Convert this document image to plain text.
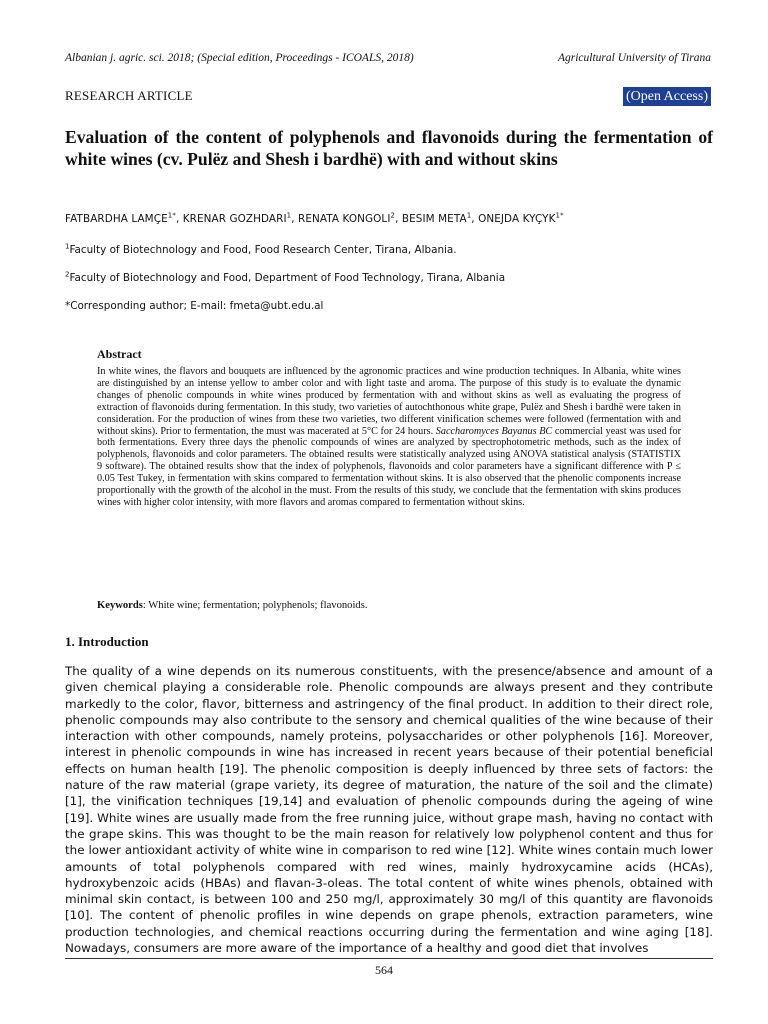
Albanian j. agric. sci. 2018; (Special edition, Proceedings - ICOALS, 2018)	Agricultural University of Tirana
RESEARCH ARTICLE	(Open Access)
Evaluation of the content of polyphenols and flavonoids during the fermentation of white wines (cv. Pulëz and Shesh i bardhë) with and without skins
FATBARDHA $LAMÇE^{1*}$, KRENAR GOZHDARI$^1$, RENATA KONGOLI$^2$, BESIM META$^1$, ONEJDA $KYÇYK^{1*}$
$^1$Faculty of Biotechnology and Food, Food Research Center, Tirana, Albania.
$^2$Faculty of Biotechnology and Food, Department of Food Technology, Tirana, Albania
*Corresponding author; E-mail: fmeta@ubt.edu.al
Abstract
In white wines, the flavors and bouquets are influenced by the agronomic practices and wine production techniques. In Albania, white wines are distinguished by an intense yellow to amber color and with light taste and aroma. The purpose of this study is to evaluate the dynamic changes of phenolic compounds in white wines produced by fermentation with and without skins as well as evaluating the progress of extraction of flavonoids during fermentation. In this study, two varieties of autochthonous white grape, Pulëz and Shesh i bardhë were taken in consideration. For the production of wines from these two varieties, two different vinification schemes were followed (fermentation with and without skins). Prior to fermentation, the must was macerated at 5°C for 24 hours. Saccharomyces Bayanus BC commercial yeast was used for both fermentations. Every three days the phenolic compounds of wines are analyzed by spectrophotometric methods, such as the index of polyphenols, flavonoids and color parameters. The obtained results were statistically analyzed using ANOVA statistical analysis (STATISTIX 9 software). The obtained results show that the index of polyphenols, flavonoids and color parameters have a significant difference with P ≤ 0.05 Test Tukey, in fermentation with skins compared to fermentation without skins. It is also observed that the phenolic components increase proportionally with the growth of the alcohol in the must. From the results of this study, we conclude that the fermentation with skins produces wines with higher color intensity, with more flavors and aromas compared to fermentation without skins.
Keywords: White wine; fermentation; polyphenols; flavonoids.
1. Introduction
The quality of a wine depends on its numerous constituents, with the presence/absence and amount of a given chemical playing a considerable role. Phenolic compounds are always present and they contribute markedly to the color, flavor, bitterness and astringency of the final product. In addition to their direct role, phenolic compounds may also contribute to the sensory and chemical qualities of the wine because of their interaction with other compounds, namely proteins, polysaccharides or other polyphenols [16]. Moreover, interest in phenolic compounds in wine has increased in recent years because of their potential beneficial effects on human health [19]. The phenolic composition is deeply influenced by three sets of factors: the nature of the raw material (grape variety, its degree of maturation, the nature of the soil and the climate) [1], the vinification techniques [19,14] and evaluation of phenolic compounds during the ageing of wine [19]. White wines are usually made from the free running juice, without grape mash, having no contact with the grape skins. This was thought to be the main reason for relatively low polyphenol content and thus for the lower antioxidant activity of white wine in comparison to red wine [12]. White wines contain much lower amounts of total polyphenols compared with red wines, mainly hydroxycamine acids (HCAs), hydroxybenzoic acids (HBAs) and flavan-3-oleas. The total content of white wines phenols, obtained with minimal skin contact, is between 100 and 250 mg/l, approximately 30 mg/l of this quantity are flavonoids [10]. The content of phenolic profiles in wine depends on grape phenols, extraction parameters, wine production technologies, and chemical reactions occurring during the fermentation and wine aging [18]. Nowadays, consumers are more aware of the importance of a healthy and good diet that involves
564
